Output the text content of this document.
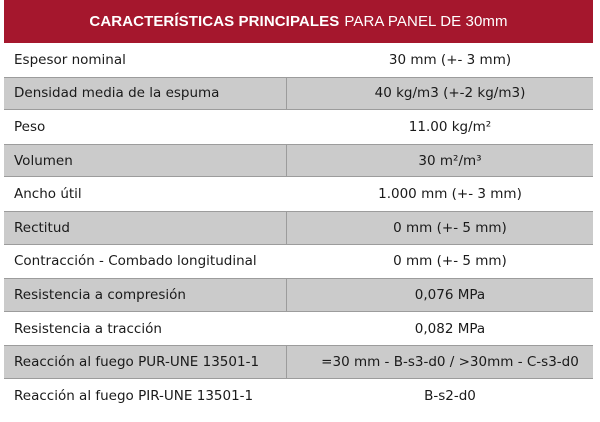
CARACTERÍSTICAS PRINCIPALES PARA PANEL DE 30mm
Espesor nominal	30 mm (+- 3 mm)
Densidad media de la espuma	40 kg/m3 (+-2 kg/m3)
Peso	11.00 kg/m²
Volumen	30 m²/m³
Ancho útil	1.000 mm (+- 3 mm)
Rectitud	0 mm (+- 5 mm)
Contracción - Combado longitudinal	0 mm (+- 5 mm)
Resistencia a compresión	0,076 MPa
Resistencia a tracción	0,082 MPa
Reacción al fuego PUR-UNE 13501-1	=30 mm - B-s3-d0 / >30mm - C-s3-d0
Reacción al fuego PIR-UNE 13501-1	B-s2-d0
